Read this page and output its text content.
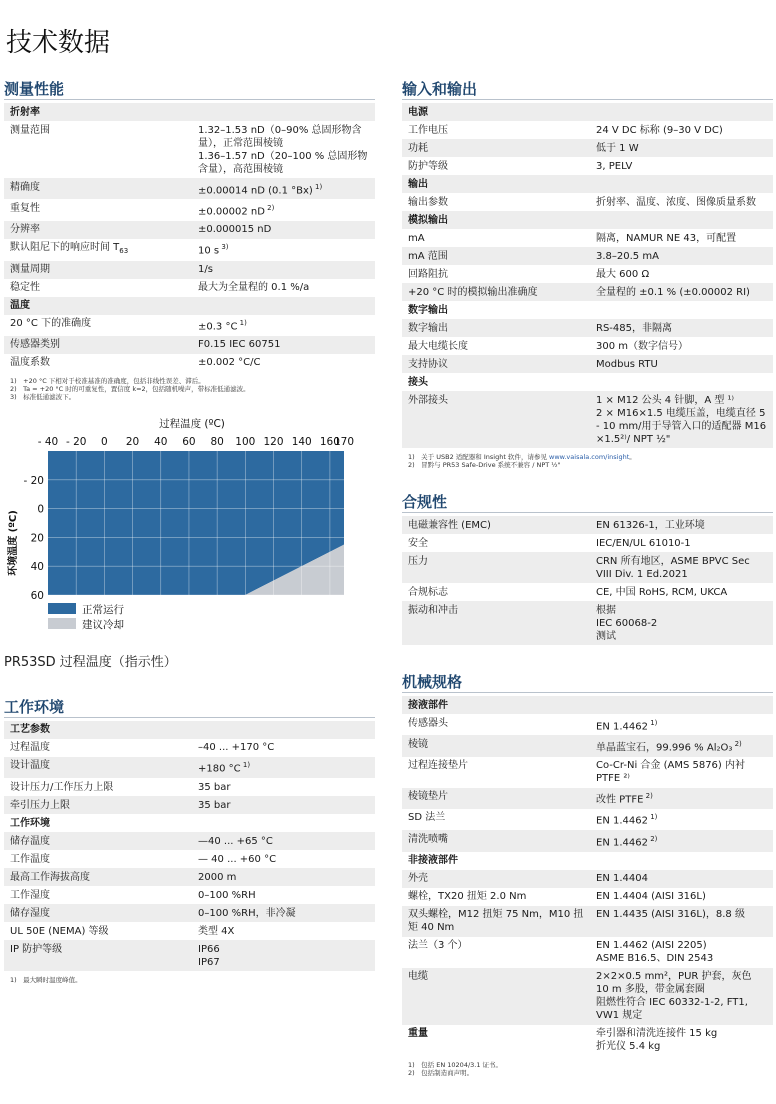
技术数据
测量性能
折射率	
测量范围	1.32–1.53 nD（0–90% 总固形物含量），正常范围棱镜
1.36–1.57 nD（20–100 % 总固形物含量），高范围棱镜

精确度	±0.00014 nD (0.1 °Bx) $^{1)}$

重复性	±0.00002 nD $^{2)}$

分辨率	±0.000015 nD

默认阻尼下的响应时间 $T_{63}$	10 s $^{3)}$

测量周期	1/s

稳定性	最大为全量程的 0.1 %/a

温度	
20 °C 下的准确度	±0.3 °C $^{1)}$

传感器类别	F0.15 IEC 60751

温度系数	±0.002 °C/C
1)　+20 °C 下相对于校准基准的准确度，包括非线性误差、滞后。
2)　Ta = +20 °C 时的可重复性，置信度 k=2，包括随机噪声，带标准低通滤波。
3)　标准低通滤波下。
过程温度 (ºC)
- 40 - 20 0 20 40 60 80 100 120 140 160
170
- 20
0
20
40
60
环境温度 (ºC)
正常运行
建议冷却
PR53SD 过程温度（指示性）
工作环境
工艺参数	
过程温度	–40 ... +170 °C

设计温度	+180 °C $^{1)}$

设计压力/工作压力上限	35 bar

牵引压力上限	35 bar

工作环境	
储存温度	—40 ... +65 °C

工作温度	— 40 ... +60 °C

最高工作海拔高度	2000 m

工作湿度	0–100 %RH

储存湿度	0–100 %RH，非冷凝

UL 50E (NEMA) 等级	类型 4X

IP 防护等级	IP66
IP67
1)　最大瞬时温度峰值。
输入和输出
电源	
工作电压	24 V DC 标称 (9–30 V DC)

功耗	低于 1 W

防护等级	3, PELV

输出	
输出参数	折射率、温度、浓度、图像质量系数

模拟输出	
mA	隔离，NAMUR NE 43，可配置

mA 范围	3.8–20.5 mA

回路阻抗	最大 600 Ω

+20 °C 时的模拟输出准确度	全量程的 ±0.1 % (±0.00002 RI)

数字输出	
数字输出	RS-485，非隔离

最大电缆长度	300 m（数字信号）

支持协议	Modbus RTU

接头	
外部接头	1 × M12 公头 4 针脚，A 型 ¹⁾
2 × M16×1.5 电缆压盖，电缆直径 5 - 10 mm/用于导管入口的适配器 M16 ×1.5²⁾/ NPT ½"
1)　关于 USB2 适配器和 Insight 软件，请参见 www.vaisala.com/insight。
2)　冒黔与 PR53 Safe-Drive 系统不兼容 / NPT ½"
合规性
电磁兼容性 (EMC)	EN 61326-1，工业环境

安全	IEC/EN/UL 61010-1

压力	CRN 所有地区，ASME BPVC Sec VIII Div. 1 Ed.2021

合规标志	CE, 中国 RoHS, RCM, UKCA

振动和冲击	根据
IEC 60068-2
测试
机械规格
接液部件	
传感器头	EN 1.4462 $^{1)}$

棱镜	单晶蓝宝石，99.996 % Al₂O₃ $^{2)}$

过程连接垫片	Co-Cr-Ni 合金 (AMS 5876) 内衬 PTFE ²⁾

棱镜垫片	改性 PTFE $^{2)}$

SD 法兰	EN 1.4462 $^{1)}$

清洗喷嘴	EN 1.4462 $^{2)}$

非接液部件	
外壳	EN 1.4404

螺栓，TX20 扭矩 2.0 Nm	EN 1.4404 (AISI 316L)

双头螺栓，M12 扭矩 75 Nm，M10 扭矩 40 Nm	EN 1.4435 (AISI 316L)，8.8 级

法兰（3 个）	EN 1.4462 (AISI 2205)
ASME B16.5、DIN 2543

电缆	2×2×0.5 mm²，PUR 护套，灰色 10 m 多股，带金属套圈
阻燃性符合 IEC 60332-1-2, FT1, VW1 规定

重量	牵引器和清洗连接件 15 kg
折光仪 5.4 kg
1)　包括 EN 10204/3.1 证书。
2)　包括制造商声明。
